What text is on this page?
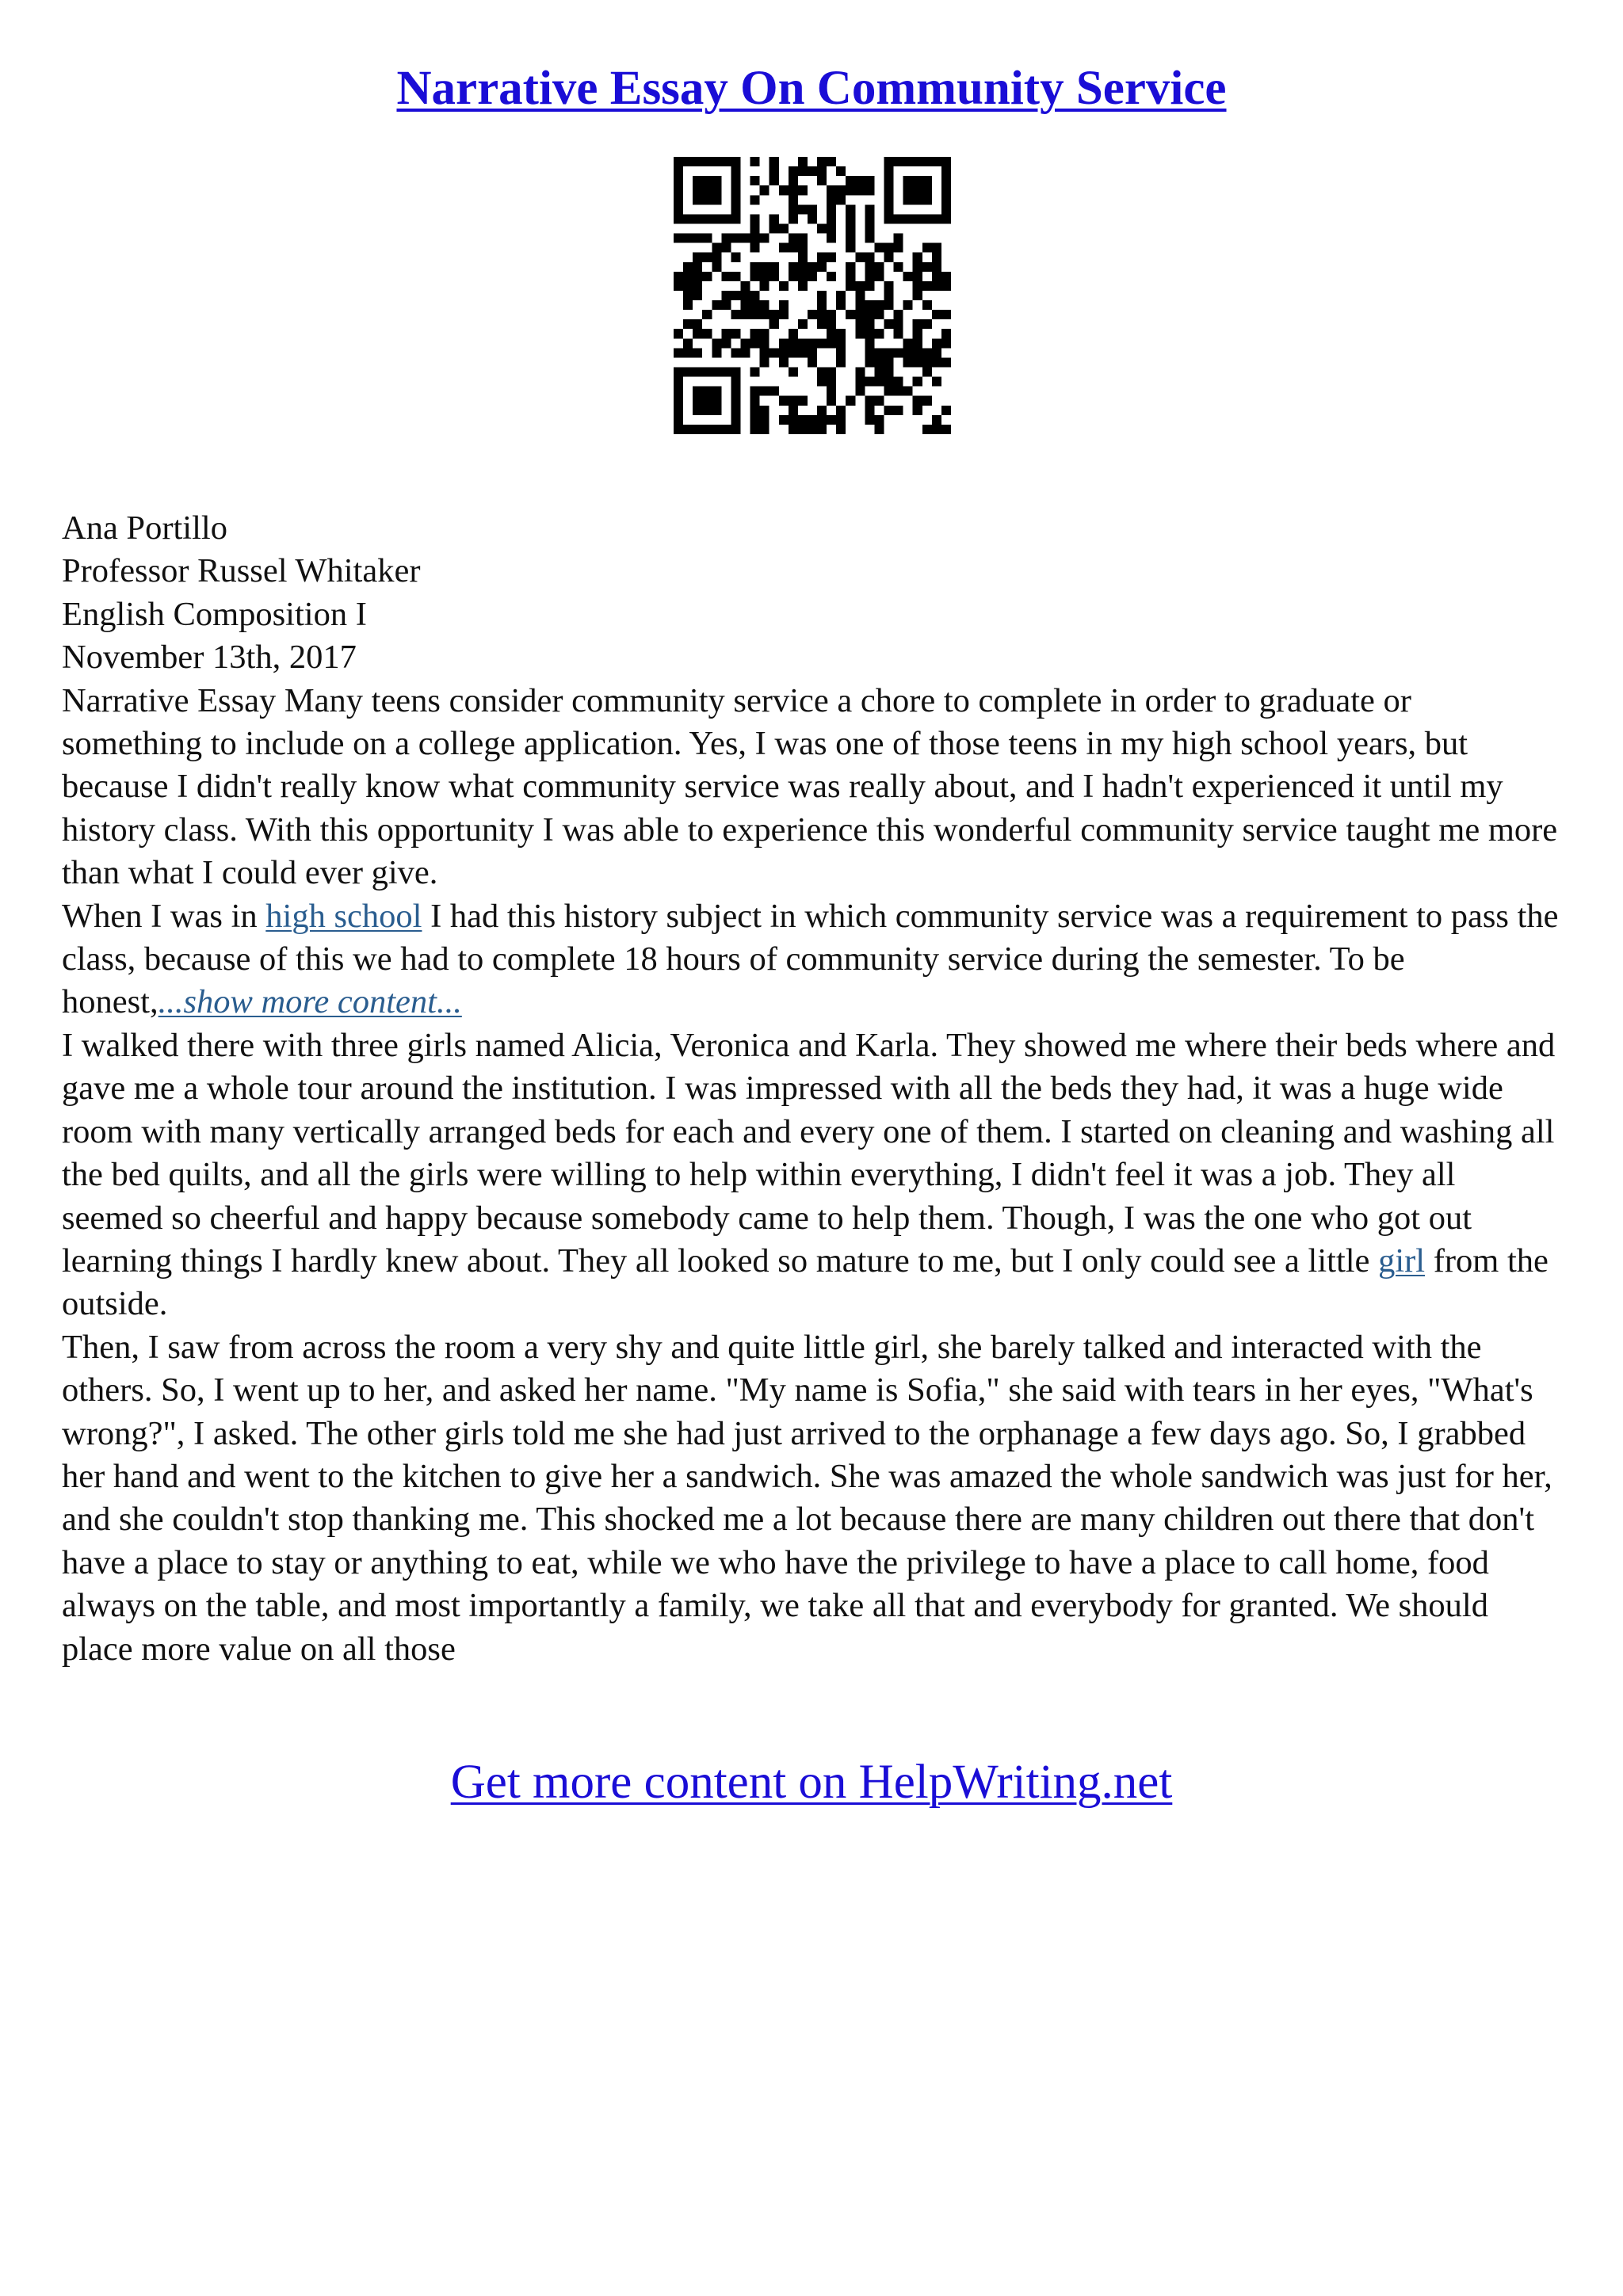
Narrative Essay On Community Service

Ana Portillo

Professor Russel Whitaker

English Composition I

November 13th, 2017

Narrative Essay Many teens consider community service a chore to complete in order to graduate or something to include on a college application. Yes, I was one of those teens in my high school years, but because I didn't really know what community service was really about, and I hadn't experienced it until my history class. With this opportunity I was able to experience this wonderful community service taught me more than what I could ever give.

When I was in high school I had this history subject in which community service was a requirement to pass the class, because of this we had to complete 18 hours of community service during the semester. To be honest,...show more content...

I walked there with three girls named Alicia, Veronica and Karla. They showed me where their beds where and gave me a whole tour around the institution. I was impressed with all the beds they had, it was a huge wide room with many vertically arranged beds for each and every one of them. I started on cleaning and washing all the bed quilts, and all the girls were willing to help within everything, I didn't feel it was a job. They all seemed so cheerful and happy because somebody came to help them. Though, I was the one who got out learning things I hardly knew about. They all looked so mature to me, but I only could see a little girl from the outside.

Then, I saw from across the room a very shy and quite little girl, she barely talked and interacted with the others. So, I went up to her, and asked her name. "My name is Sofia," she said with tears in her eyes, "What's wrong?", I asked. The other girls told me she had just arrived to the orphanage a few days ago. So, I grabbed her hand and went to the kitchen to give her a sandwich. She was amazed the whole sandwich was just for her, and she couldn't stop thanking me. This shocked me a lot because there are many children out there that don't have a place to stay or anything to eat, while we who have the privilege to have a place to call home, food always on the table, and most importantly a family, we take all that and everybody for granted. We should place more value on all those

Get more content on HelpWriting.net
